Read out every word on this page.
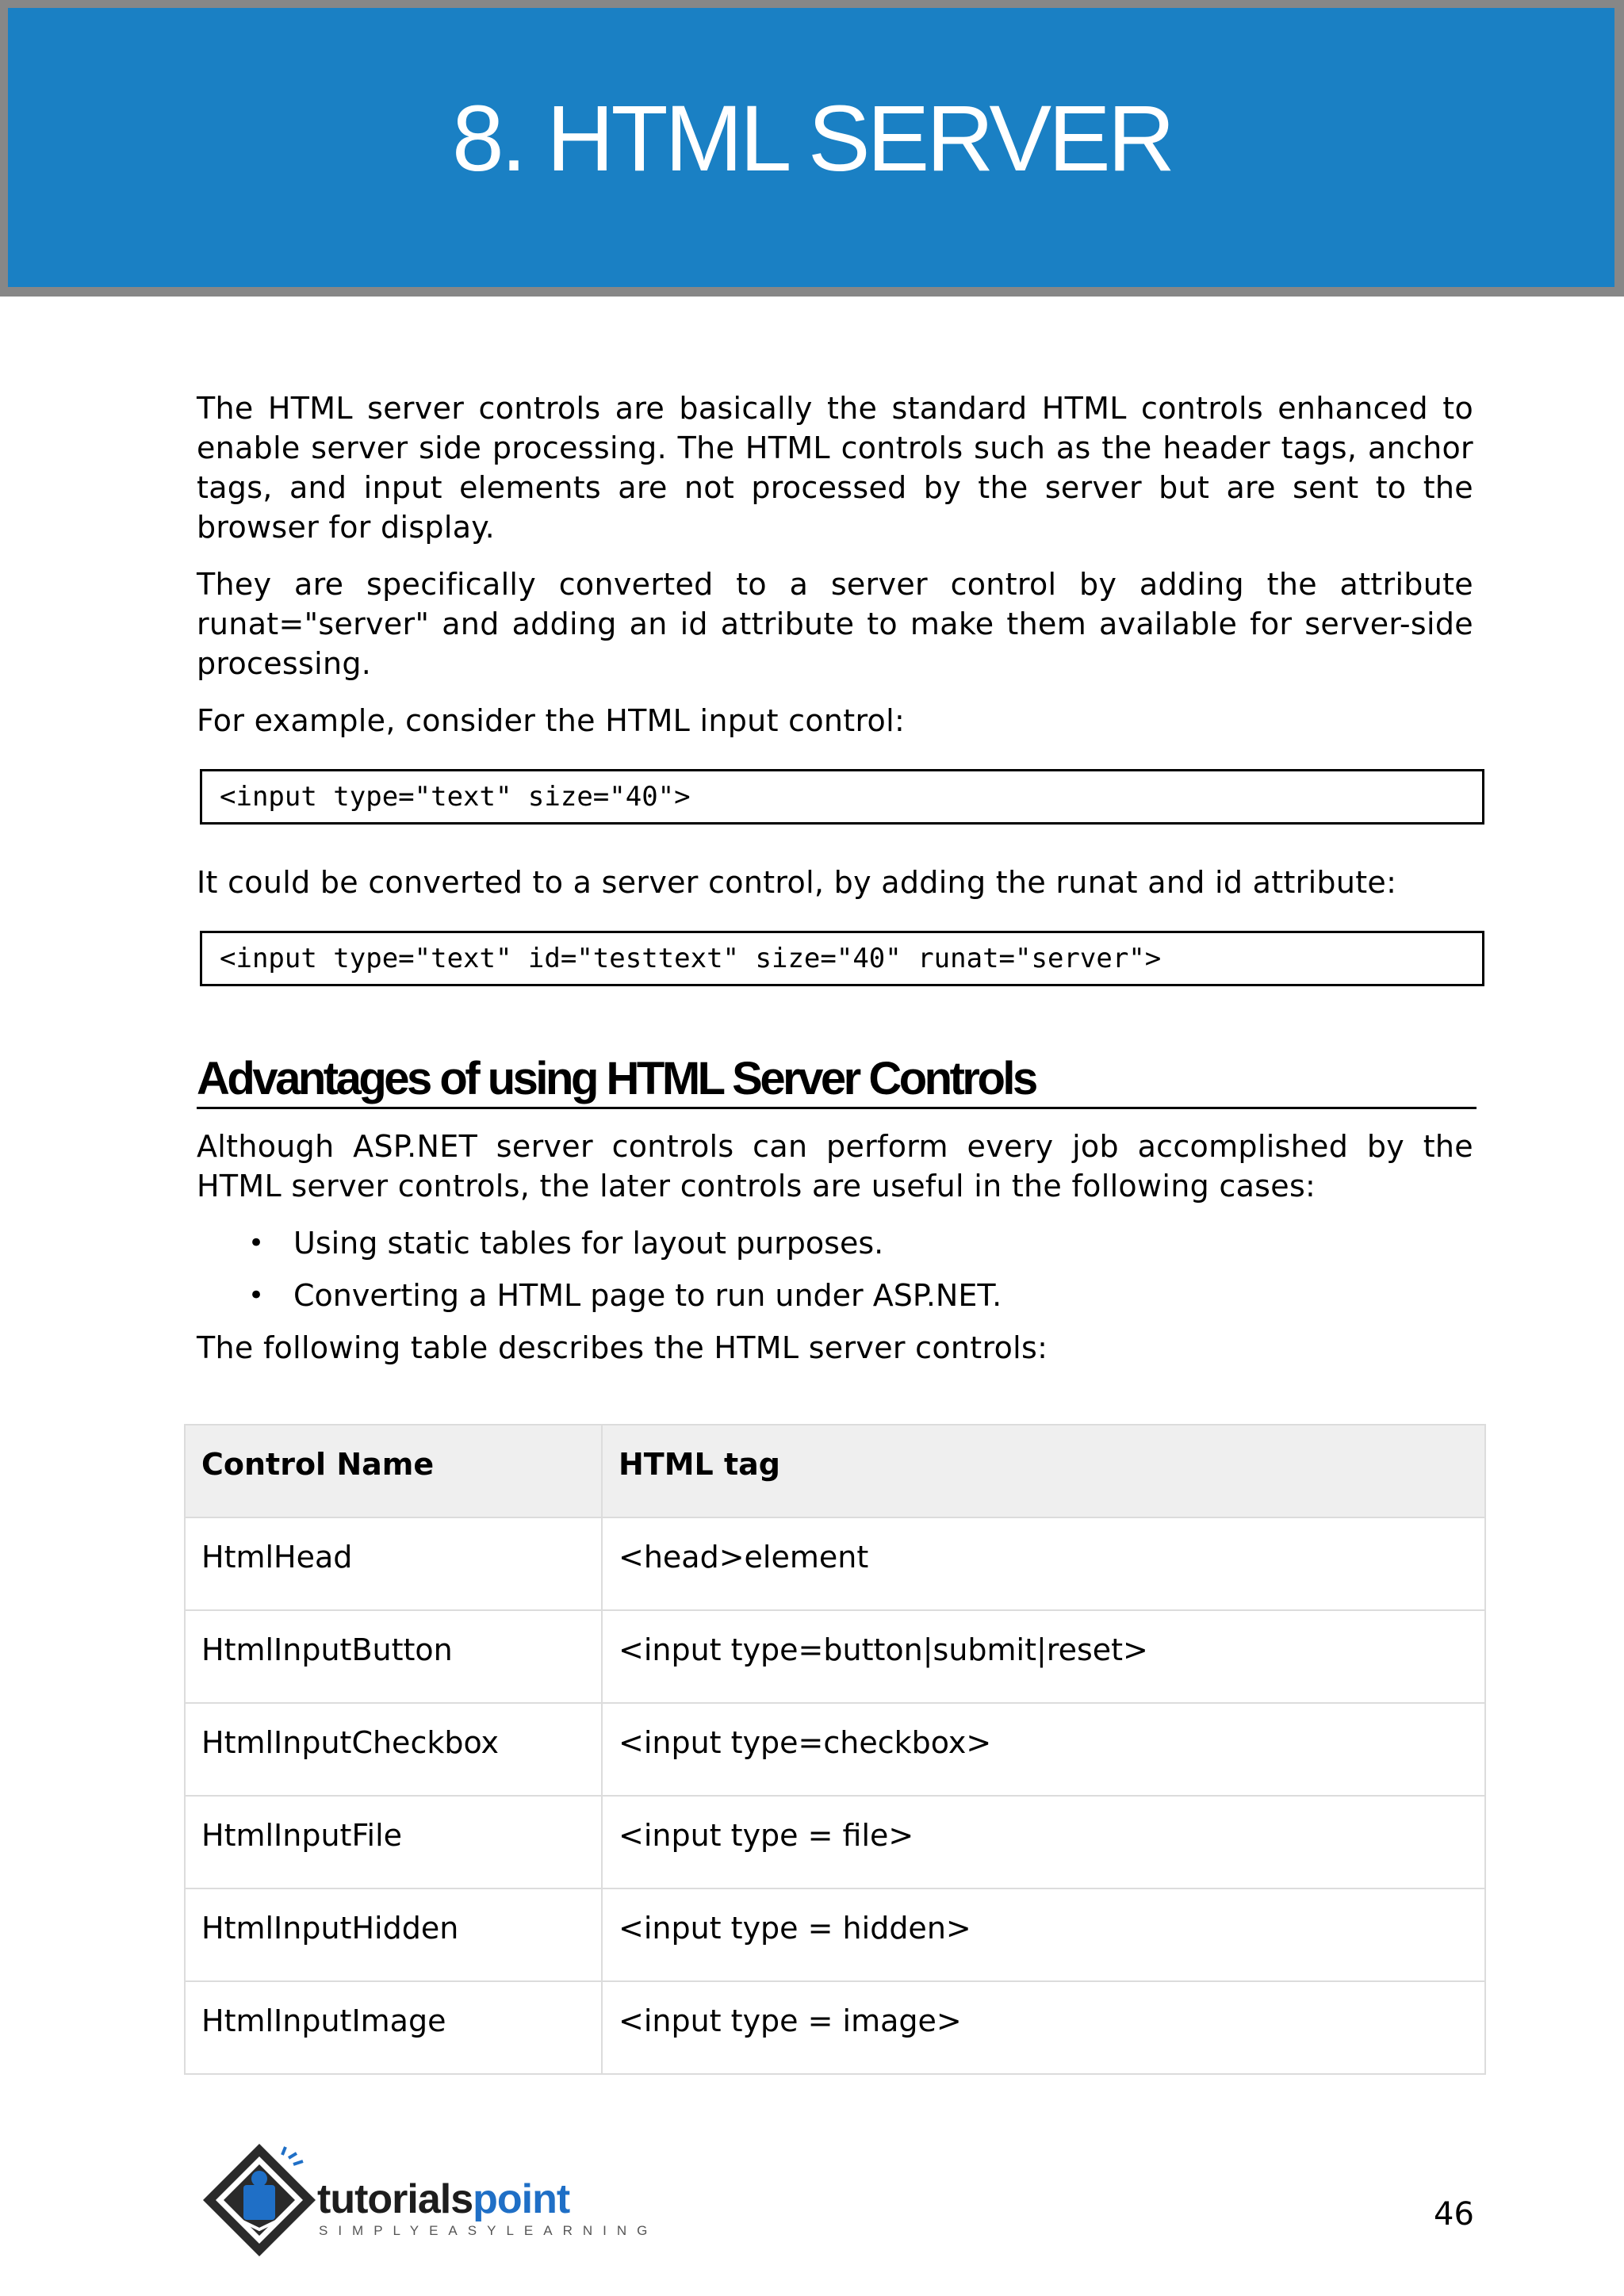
8. HTML SERVER

The HTML server controls are basically the standard HTML controls enhanced to enable server side processing. The HTML controls such as the header tags, anchor tags, and input elements are not processed by the server but are sent to the browser for display.

They are specifically converted to a server control by adding the attribute runat="server" and adding an id attribute to make them available for server-side processing.

For example, consider the HTML input control:

<input type="text" size="40">

It could be converted to a server control, by adding the runat and id attribute:

<input type="text" id="testtext" size="40" runat="server">
Advantages of using HTML Server Controls

Although ASP.NET server controls can perform every job accomplished by the HTML server controls, the later controls are useful in the following cases:

• Using static tables for layout purposes.
• Converting a HTML page to run under ASP.NET.

The following table describes the HTML server controls:

Control Name	HTML tag
HtmlHead	<head>element
HtmlInputButton	<input type=button|submit|reset>
HtmlInputCheckbox	<input type=checkbox>
HtmlInputFile	<input type = file>
HtmlInputHidden	<input type = hidden>
HtmlInputImage	<input type = image>
tutorialspoint
SIMPLYEASYLEARNING	46
